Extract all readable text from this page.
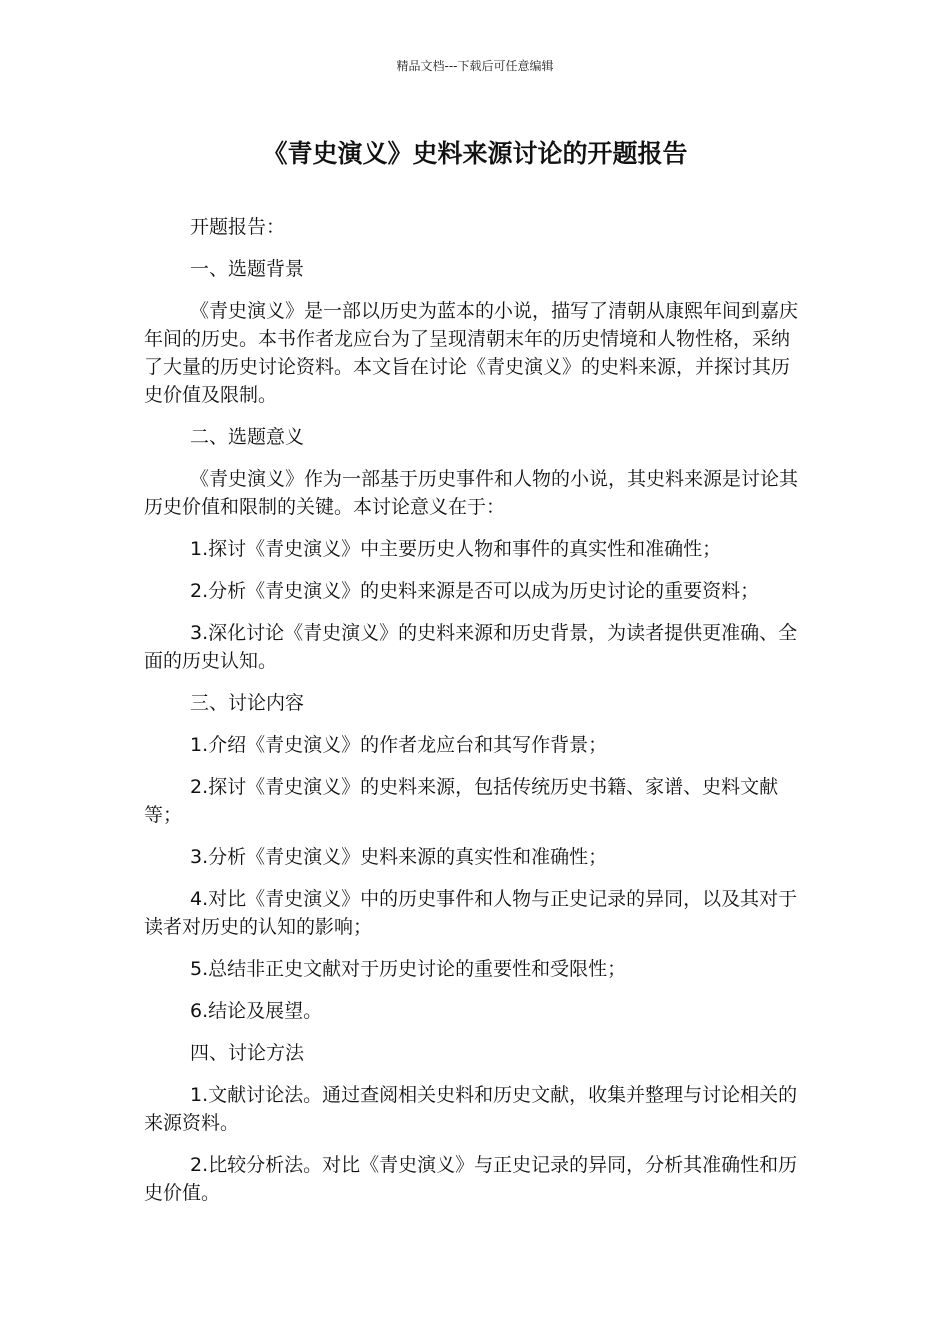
精品文档---下载后可任意编辑
《青史演义》史料来源讨论的开题报告

开题报告：

一、选题背景

《青史演义》是一部以历史为蓝本的小说，描写了清朝从康熙年间到嘉庆年间的历史。本书作者龙应台为了呈现清朝末年的历史情境和人物性格，采纳了大量的历史讨论资料。本文旨在讨论《青史演义》的史料来源，并探讨其历史价值及限制。

二、选题意义

《青史演义》作为一部基于历史事件和人物的小说，其史料来源是讨论其历史价值和限制的关键。本讨论意义在于：

1.探讨《青史演义》中主要历史人物和事件的真实性和准确性；

2.分析《青史演义》的史料来源是否可以成为历史讨论的重要资料；

3.深化讨论《青史演义》的史料来源和历史背景，为读者提供更准确、全面的历史认知。

三、讨论内容

1.介绍《青史演义》的作者龙应台和其写作背景；

2.探讨《青史演义》的史料来源，包括传统历史书籍、家谱、史料文献等；

3.分析《青史演义》史料来源的真实性和准确性；

4.对比《青史演义》中的历史事件和人物与正史记录的异同，以及其对于读者对历史的认知的影响；

5.总结非正史文献对于历史讨论的重要性和受限性；

6.结论及展望。

四、讨论方法

1.文献讨论法。通过查阅相关史料和历史文献，收集并整理与讨论相关的来源资料。

2.比较分析法。对比《青史演义》与正史记录的异同，分析其准确性和历史价值。
